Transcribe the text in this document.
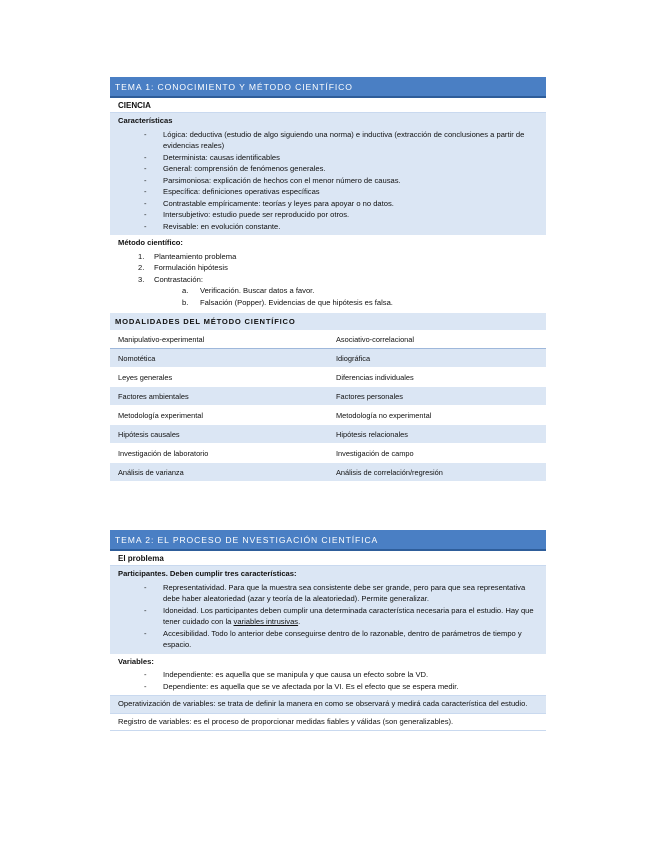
TEMA 1: CONOCIMIENTO Y MÉTODO CIENTÍFICO
CIENCIA
Características
- Lógica: deductiva (estudio de algo siguiendo una norma) e inductiva (extracción de conclusiones a partir de evidencias reales)
- Determinista: causas identificables
- General: comprensión de fenómenos generales.
- Parsimoniosa: explicación de hechos con el menor número de causas.
- Específica: definiciones operativas específicas
- Contrastable empíricamente: teorías y leyes para apoyar o no datos.
- Intersubjetivo: estudio puede ser reproducido por otros.
- Revisable: en evolución constante.
Método científico:
1. Planteamiento problema
2. Formulación hipótesis
3. Contrastación:
a. Verificación. Buscar datos a favor.
b. Falsación (Popper). Evidencias de que hipótesis es falsa.
MODALIDADES DEL MÉTODO CIENTÍFICO
Manipulativo-experimental	Asociativo-correlacional
Nomotética	Idiográfica
Leyes generales	Diferencias individuales
Factores ambientales	Factores personales
Metodología experimental	Metodología no experimental
Hipótesis causales	Hipótesis relacionales
Investigación de laboratorio	Investigación de campo
Análisis de varianza	Análisis de correlación/regresión
TEMA 2: EL PROCESO DE NVESTIGACIÓN CIENTÍFICA
El problema
Participantes. Deben cumplir tres características:
- Representatividad. Para que la muestra sea consistente debe ser grande, pero para que sea representativa debe haber aleatoriedad (azar y teoría de la aleatoriedad). Permite generalizar.
- Idoneidad. Los participantes deben cumplir una determinada característica necesaria para el estudio. Hay que tener cuidado con la variables intrusivas.
- Accesibilidad. Todo lo anterior debe conseguirse dentro de lo razonable, dentro de parámetros de tiempo y espacio.
Variables:
- Independiente: es aquella que se manipula y que causa un efecto sobre la VD.
- Dependiente: es aquella que se ve afectada por la VI. Es el efecto que se espera medir.
Operativización de variables: se trata de definir la manera en como se observará y medirá cada característica del estudio.
Registro de variables: es el proceso de proporcionar medidas fiables y válidas (son generalizables).
